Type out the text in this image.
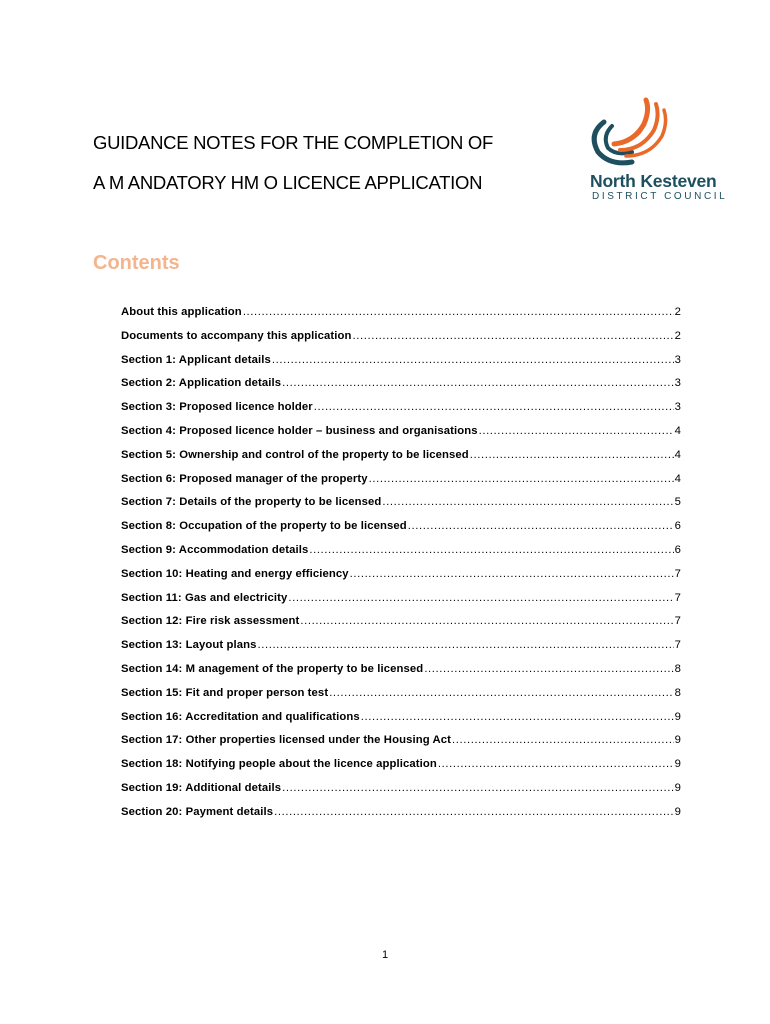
GUIDANCE NOTES FOR THE COMPLETION OF
A M ANDATORY HM O LICENCE APPLICATION	North Kesteven
DISTRICT COUNCIL
Contents
About this application .....	2
Documents to accompany this application .....	2
Section 1: Applicant details .....	3
Section 2: Application details .....	3
Section 3: Proposed licence holder .....	3
Section 4: Proposed licence holder – business and organisations .....	4
Section 5: Ownership and control of the property to be licensed .....	4
Section 6: Proposed manager of the property .....	4
Section 7: Details of the property to be licensed .....	5
Section 8: Occupation of the property to be licensed .....	6
Section 9: Accommodation details .....	6
Section 10: Heating and energy efficiency .....	7
Section 11: Gas and electricity .....	7
Section 12: Fire risk assessment .....	7
Section 13: Layout plans .....	7
Section 14: M anagement of the property to be licensed .....	8
Section 15: Fit and proper person test .....	8
Section 16: Accreditation and qualifications .....	9
Section 17: Other properties licensed under the Housing Act .....	9
Section 18: Notifying people about the licence application .....	9
Section 19: Additional details .....	9
Section 20: Payment details .....	9
1
